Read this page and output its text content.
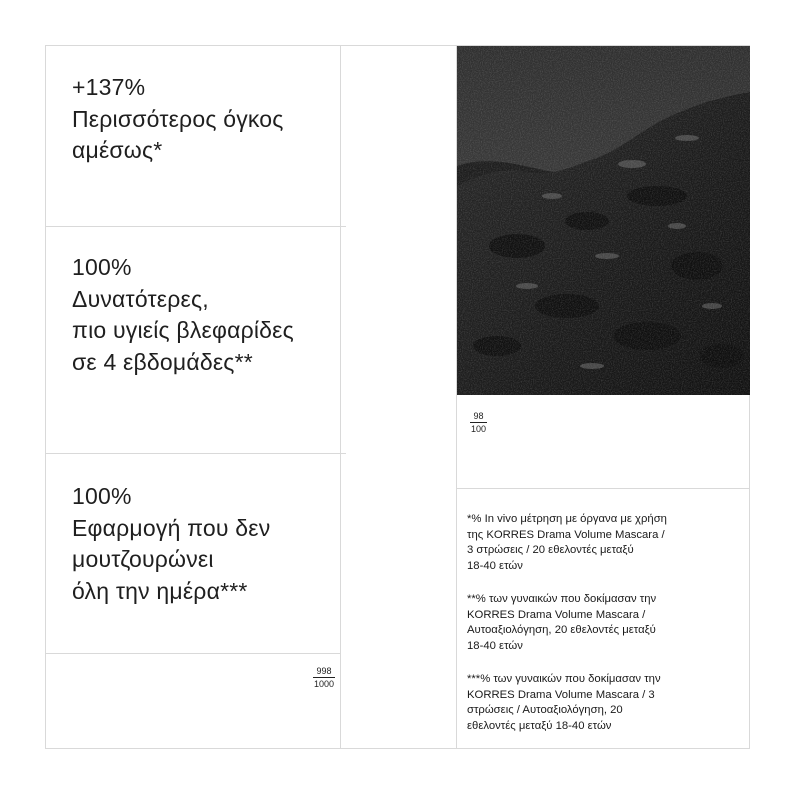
+137%
Περισσότερος όγκος
αμέσως*
100%
Δυνατότερες,
πιο υγιείς βλεφαρίδες
σε 4 εβδομάδες**
100%
Εφαρμογή που δεν
μουτζουρώνει
όλη την ημέρα***
998
1000
98
100
*% In vivo μέτρηση με όργανα με χρήση
της KORRES Drama Volume Mascara /
3 στρώσεις / 20 εθελοντές μεταξύ
18-40 ετών
**% των γυναικών που δοκίμασαν την
KORRES Drama Volume Mascara /
Αυτοαξιολόγηση, 20 εθελοντές μεταξύ
18-40 ετών
***% των γυναικών που δοκίμασαν την
KORRES Drama Volume Mascara / 3
στρώσεις / Αυτοαξιολόγηση, 20
εθελοντές μεταξύ 18-40 ετών
